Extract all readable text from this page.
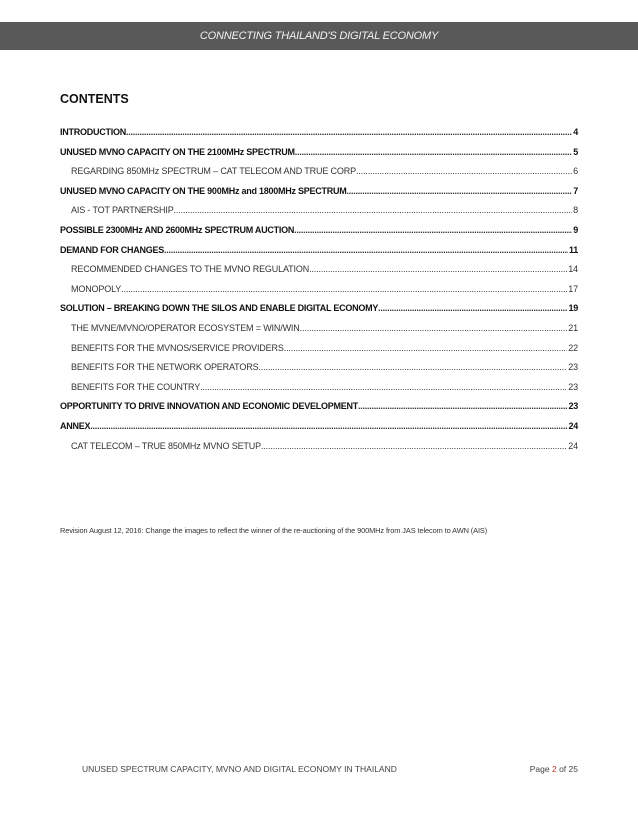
CONNECTING THAILAND'S DIGITAL ECONOMY
CONTENTS
INTRODUCTION .....	4
UNUSED MVNO CAPACITY ON THE 2100MHz SPECTRUM .....	5
REGARDING 850MHz SPECTRUM – CAT TELECOM AND TRUE CORP .....	6
UNUSED MVNO CAPACITY ON THE 900MHz and 1800MHz SPECTRUM .....	7
AIS - TOT PARTNERSHIP .....	8
POSSIBLE 2300MHz AND 2600MHz SPECTRUM AUCTION .....	9
DEMAND FOR CHANGES .....	11
RECOMMENDED CHANGES TO THE MVNO REGULATION .....	14
MONOPOLY .....	17
SOLUTION – BREAKING DOWN THE SILOS AND ENABLE DIGITAL ECONOMY .....	19
THE MVNE/MVNO/OPERATOR ECOSYSTEM = WIN/WIN .....	21
BENEFITS FOR THE MVNOS/SERVICE PROVIDERS .....	22
BENEFITS FOR THE NETWORK OPERATORS .....	23
BENEFITS FOR THE COUNTRY .....	23
OPPORTUNITY TO DRIVE INNOVATION AND ECONOMIC DEVELOPMENT .....	23
ANNEX .....	24
CAT TELECOM – TRUE 850MHz MVNO SETUP .....	24
Revision August 12, 2016: Change the images to reflect the winner of the re-auctioning of the 900MHz from JAS telecom to AWN (AIS)
UNUSED SPECTRUM CAPACITY, MVNO AND DIGITAL ECONOMY IN THAILAND	Page 2 of 25
